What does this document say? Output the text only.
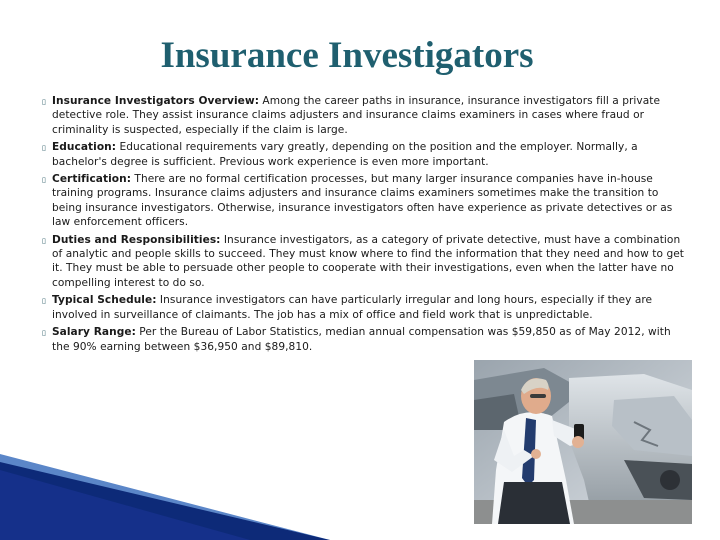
Insurance Investigators

▯ Insurance Investigators Overview: Among the career paths in insurance, insurance investigators fill a private detective role. They assist insurance claims adjusters and insurance claims examiners in cases where fraud or criminality is suspected, especially if the claim is large.

▯ Education: Educational requirements vary greatly, depending on the position and the employer. Normally, a bachelor's degree is sufficient. Previous work experience is even more important.

▯ Certification: There are no formal certification processes, but many larger insurance companies have in-house training programs. Insurance claims adjusters and insurance claims examiners sometimes make the transition to being insurance investigators. Otherwise, insurance investigators often have experience as private detectives or as law enforcement officers.

▯ Duties and Responsibilities: Insurance investigators, as a category of private detective, must have a combination of analytic and people skills to succeed. They must know where to find the information that they need and how to get it. They must be able to persuade other people to cooperate with their investigations, even when the latter have no compelling interest to do so.

▯ Typical Schedule: Insurance investigators can have particularly irregular and long hours, especially if they are involved in surveillance of claimants. The job has a mix of office and field work that is unpredictable.

▯ Salary Range: Per the Bureau of Labor Statistics, median annual compensation was $59,850 as of May 2012, with the 90% earning between $36,950 and $89,810.
